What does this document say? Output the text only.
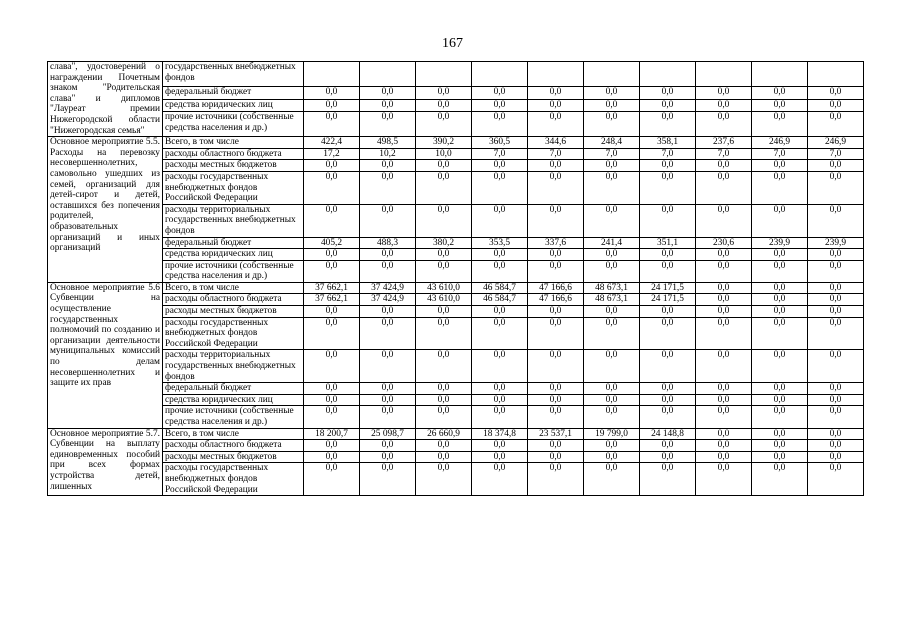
167
слава", удостоверений о награждении Почетным знаком "Родительская слава" и дипломов "Лауреат премии Нижегородской области "Нижегородская семья"	государственных внебюджетных фондов										
	федеральный бюджет	0,0	0,0	0,0	0,0	0,0	0,0	0,0	0,0	0,0	0,0
	средства юридических лиц	0,0	0,0	0,0	0,0	0,0	0,0	0,0	0,0	0,0	0,0
	прочие источники (собственные средства населения и др.)	0,0	0,0	0,0	0,0	0,0	0,0	0,0	0,0	0,0	0,0
Основное мероприятие 5.5. Расходы на перевозку несовершеннолетних, самовольно ушедших из семей, организаций для детей-сирот и детей, оставшихся без попечения родителей, образовательных организаций и иных организаций	Всего, в том числе	422,4	498,5	390,2	360,5	344,6	248,4	358,1	237,6	246,9	246,9
	расходы областного бюджета	17,2	10,2	10,0	7,0	7,0	7,0	7,0	7,0	7,0	7,0
	расходы местных бюджетов	0,0	0,0	0,0	0,0	0,0	0,0	0,0	0,0	0,0	0,0
	расходы государственных внебюджетных фондов Российской Федерации	0,0	0,0	0,0	0,0	0,0	0,0	0,0	0,0	0,0	0,0
	расходы территориальных государственных внебюджетных фондов	0,0	0,0	0,0	0,0	0,0	0,0	0,0	0,0	0,0	0,0
	федеральный бюджет	405,2	488,3	380,2	353,5	337,6	241,4	351,1	230,6	239,9	239,9
	средства юридических лиц	0,0	0,0	0,0	0,0	0,0	0,0	0,0	0,0	0,0	0,0
	прочие источники (собственные средства населения и др.)	0,0	0,0	0,0	0,0	0,0	0,0	0,0	0,0	0,0	0,0
Основное мероприятие 5.6 Субвенции на осуществление государственных полномочий по созданию и организации деятельности муниципальных комиссий по делам несовершеннолетних и защите их прав	Всего, в том числе	37 662,1	37 424,9	43 610,0	46 584,7	47 166,6	48 673,1	24 171,5	0,0	0,0	0,0
	расходы областного бюджета	37 662,1	37 424,9	43 610,0	46 584,7	47 166,6	48 673,1	24 171,5	0,0	0,0	0,0
	расходы местных бюджетов	0,0	0,0	0,0	0,0	0,0	0,0	0,0	0,0	0,0	0,0
	расходы государственных внебюджетных фондов Российской Федерации	0,0	0,0	0,0	0,0	0,0	0,0	0,0	0,0	0,0	0,0
	расходы территориальных государственных внебюджетных фондов	0,0	0,0	0,0	0,0	0,0	0,0	0,0	0,0	0,0	0,0
	федеральный бюджет	0,0	0,0	0,0	0,0	0,0	0,0	0,0	0,0	0,0	0,0
	средства юридических лиц	0,0	0,0	0,0	0,0	0,0	0,0	0,0	0,0	0,0	0,0
	прочие источники (собственные средства населения и др.)	0,0	0,0	0,0	0,0	0,0	0,0	0,0	0,0	0,0	0,0
Основное мероприятие 5.7. Субвенции на выплату единовременных пособий при всех формах устройства детей, лишенных	Всего, в том числе	18 200,7	25 098,7	26 660,9	18 374,8	23 537,1	19 799,0	24 148,8	0,0	0,0	0,0
	расходы областного бюджета	0,0	0,0	0,0	0,0	0,0	0,0	0,0	0,0	0,0	0,0
	расходы местных бюджетов	0,0	0,0	0,0	0,0	0,0	0,0	0,0	0,0	0,0	0,0
	расходы государственных внебюджетных фондов Российской Федерации	0,0	0,0	0,0	0,0	0,0	0,0	0,0	0,0	0,0	0,0
